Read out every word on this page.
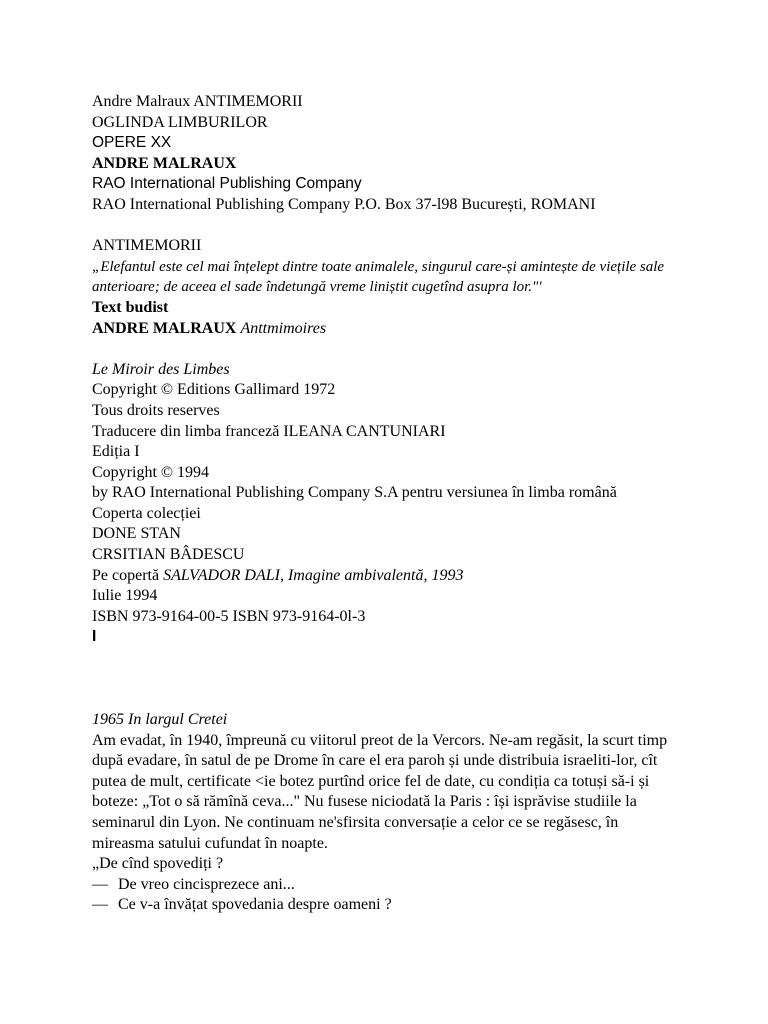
Andre Malraux ANTIMEMORII
OGLINDA LIMBURILOR
OPERE XX
ANDRE MALRAUX
RAO International Publishing Company
RAO International Publishing Company P.O. Box 37-l98 București, ROMANI
ANTIMEMORII
„Elefantul este cel mai înțelept dintre toate animalele, singurul care-și amintește de viețile sale anterioare; de aceea el sade îndetungă vreme liniștit cugetînd asupra lor."'
Text budist
ANDRE MALRAUX Anttmimoires
Le Miroir des Limbes
Copyright © Editions Gallimard 1972
Tous droits reserves
Traducere din limba franceză ILEANA CANTUNIARI
Ediția I
Copyright © 1994
by RAO International Publishing Company S.A pentru versiunea în limba română
Coperta colecției
DONE STAN
CRSITIAN BÂDESCU
Pe copertă SALVADOR DALI, Imagine ambivalentă, 1993
Iulie 1994
ISBN 973-9164-00-5 ISBN 973-9164-0l-3
I
1965 In largul Cretei
Am evadat, în 1940, împreună cu viitorul preot de la Vercors. Ne-am regăsit, la scurt timp după evadare, în satul de pe Drome în care el era paroh și unde distribuia israeliti-lor, cît putea de mult, certificate <ie botez purtînd orice fel de date, cu condiția ca totuși să-i și boteze: „Tot o să rămînă ceva..." Nu fusese niciodată la Paris : își isprăvise studiile la seminarul din Lyon. Ne continuam ne'sfirsita conversație a celor ce se regăsesc, în mireasma satului cufundat în noapte.
„De cînd spovediți ?
— De vreo cincisprezece ani...
— Ce v-a învățat spovedania despre oameni ?
